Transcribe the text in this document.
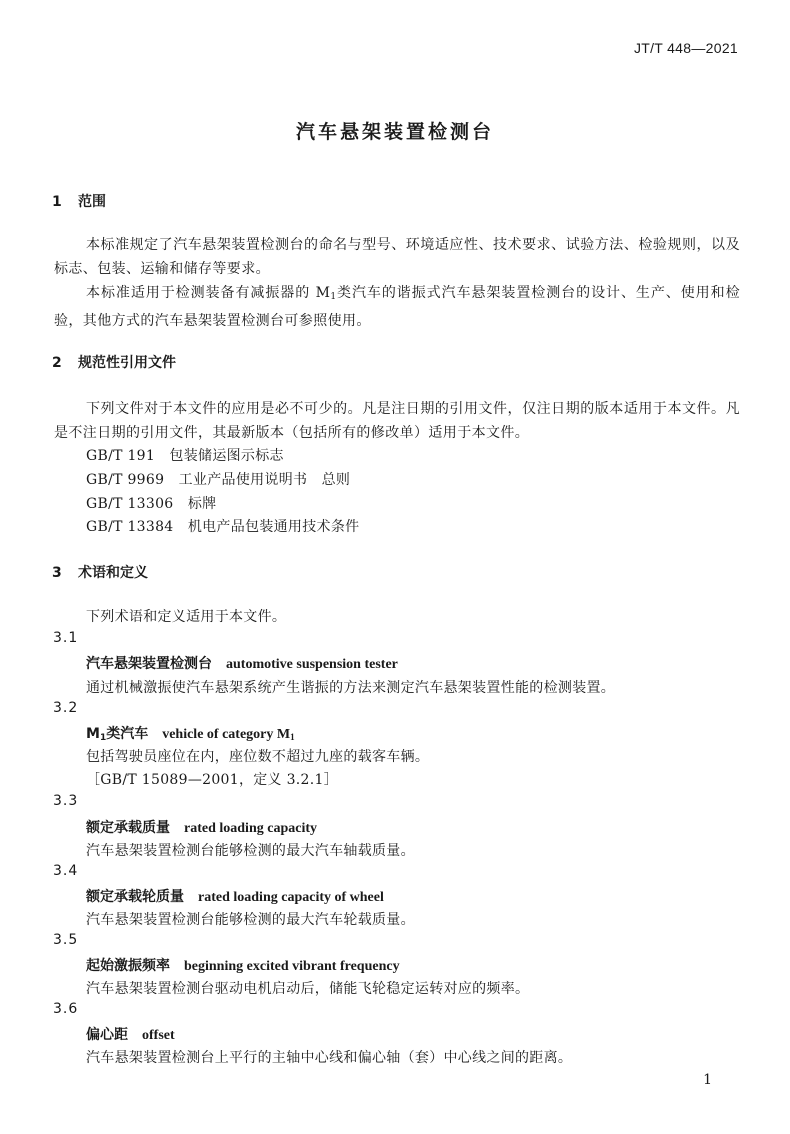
JT/T 448—2021
汽车悬架装置检测台
1 范围
本标准规定了汽车悬架装置检测台的命名与型号、环境适应性、技术要求、试验方法、检验规则，以及标志、包装、运输和储存等要求。
本标准适用于检测装备有减振器的 $M_1$类汽车的谐振式汽车悬架装置检测台的设计、生产、使用和检验，其他方式的汽车悬架装置检测台可参照使用。
2 规范性引用文件
下列文件对于本文件的应用是必不可少的。凡是注日期的引用文件，仅注日期的版本适用于本文件。凡是不注日期的引用文件，其最新版本（包括所有的修改单）适用于本文件。
GB/T 191　 包装储运图示标志
GB/T 9969　 工业产品使用说明书　总则
GB/T 13306　 标牌
GB/T 13384　 机电产品包装通用技术条件
3 术语和定义
下列术语和定义适用于本文件。
3.1
汽车悬架装置检测台 automotive suspension tester
通过机械激振使汽车悬架系统产生谐振的方法来测定汽车悬架装置性能的检测装置。
3.2
$M_1$类汽车 vehicle of category $M_1$
包括驾驶员座位在内，座位数不超过九座的载客车辆。
［GB/T 15089—2001，定义 3.2.1］
3.3
额定承载质量 rated loading capacity
汽车悬架装置检测台能够检测的最大汽车轴载质量。
3.4
额定承载轮质量 rated loading capacity of wheel
汽车悬架装置检测台能够检测的最大汽车轮载质量。
3.5
起始激振频率 beginning excited vibrant frequency
汽车悬架装置检测台驱动电机启动后，储能飞轮稳定运转对应的频率。
3.6
偏心距 offset
汽车悬架装置检测台上平行的主轴中心线和偏心轴（套）中心线之间的距离。
1
